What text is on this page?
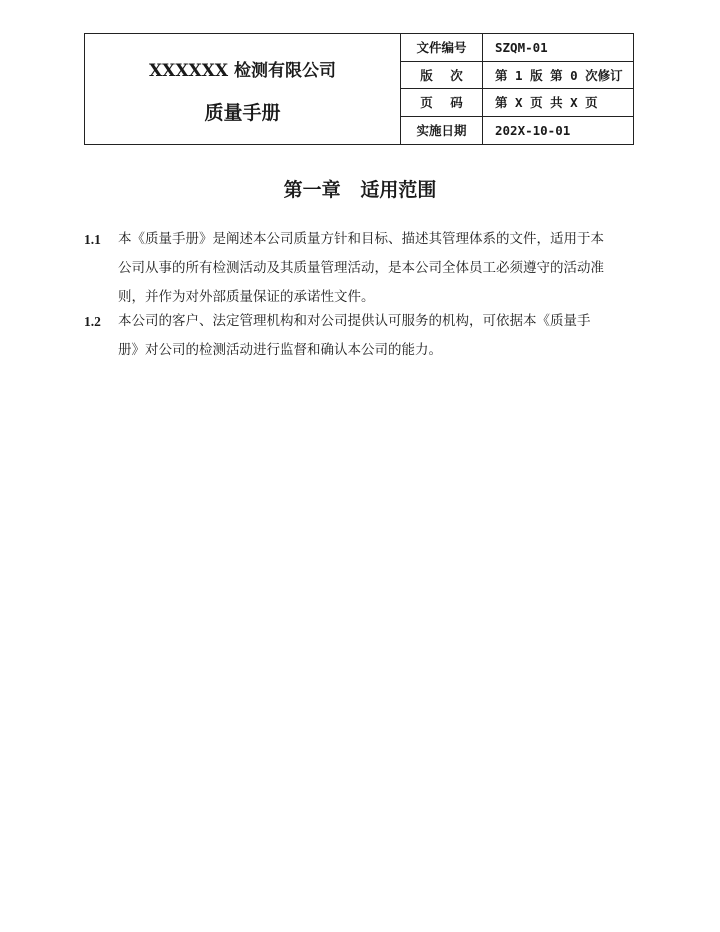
XXXXXX 检测有限公司
质量手册
文件编号	SZQM-01
版    次	第 1 版 第 0 次修订
页    码	第 X 页 共 X 页
实施日期	202X-10-01
第一章   适用范围
1.1 本《质量手册》是阐述本公司质量方针和目标、描述其管理体系的文件，适用于本
公司从事的所有检测活动及其质量管理活动，是本公司全体员工必须遵守的活动准
则，并作为对外部质量保证的承诺性文件。
1.2 本公司的客户、法定管理机构和对公司提供认可服务的机构，可依据本《质量手
册》对公司的检测活动进行监督和确认本公司的能力。
